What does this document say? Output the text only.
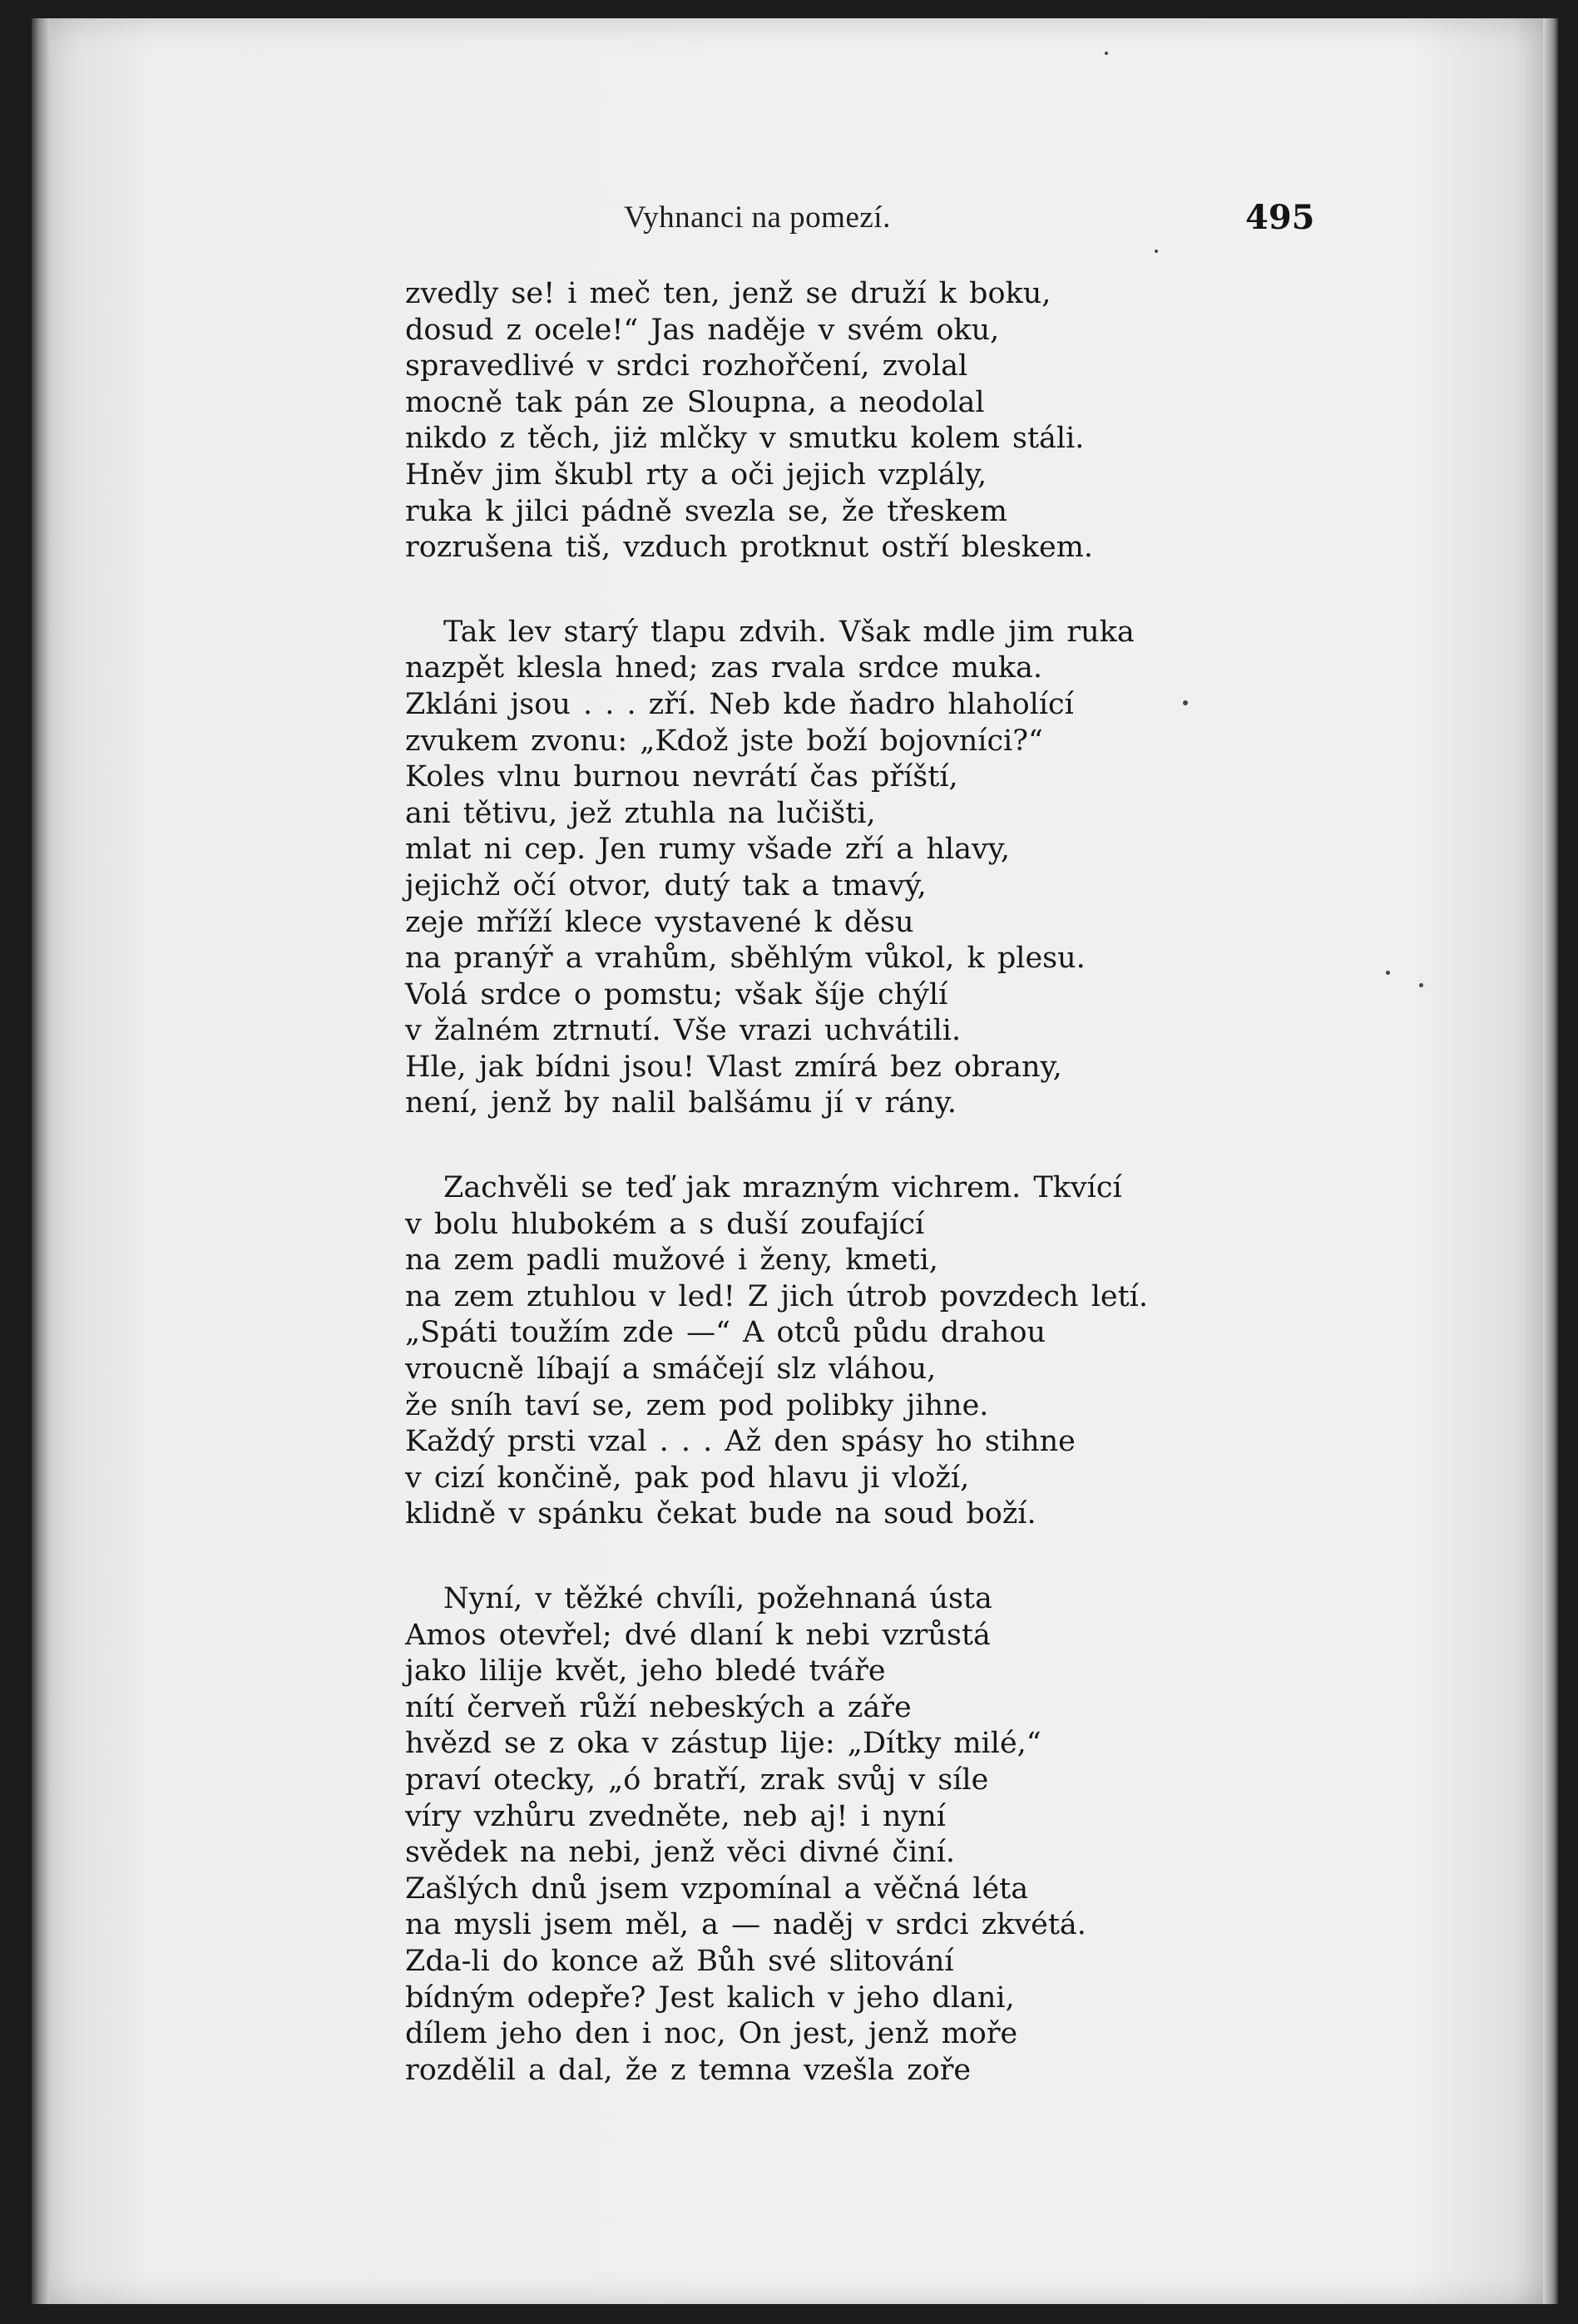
Vyhnanci na pomezí.	495
zvedly se! i meč ten, jenž se druží k boku,
dosud z ocele!“ Jas naděje v svém oku,
spravedlivé v srdci rozhořčení, zvolal
mocně tak pán ze Sloupna, a neodolal
nikdo z těch, jiż mlčky v smutku kolem stáli.
Hněv jim škubl rty a oči jejich vzplály,
ruka k jilci pádně svezla se, že třeskem
rozrušena tiš, vzduch protknut ostří bleskem.
Tak lev starý tlapu zdvih. Však mdle jim ruka
nazpět klesla hned; zas rvala srdce muka.
Zkláni jsou . . . zří. Neb kde ňadro hlaholící
zvukem zvonu: „Kdož jste boží bojovníci?“
Koles vlnu burnou nevrátí čas příští,
ani tětivu, jež ztuhla na lučišti,
mlat ni cep. Jen rumy všade zří a hlavy,
jejichž očí otvor, dutý tak a tmavý,
zeje mříží klece vystavené k děsu
na pranýř a vrahům, sběhlým vůkol, k plesu.
Volá srdce o pomstu; však šíje chýlí
v žalném ztrnutí. Vše vrazi uchvátili.
Hle, jak bídni jsou! Vlast zmírá bez obrany,
není, jenž by nalil balšámu jí v rány.
Zachvěli se teď jak mrazným vichrem. Tkvící
v bolu hlubokém a s duší zoufající
na zem padli mužové i ženy, kmeti,
na zem ztuhlou v led! Z jich útrob povzdech letí.
„Spáti toužím zde —“ A otců půdu drahou
vroucně líbají a smáčejí slz vláhou,
že sníh taví se, zem pod polibky jihne.
Každý prsti vzal . . . Až den spásy ho stihne
v cizí končině, pak pod hlavu ji vloží,
klidně v spánku čekat bude na soud boží.
Nyní, v těžké chvíli, požehnaná ústa
Amos otevřel; dvé dlaní k nebi vzrůstá
jako lilije květ, jeho bledé tváře
nítí červeň růží nebeských a záře
hvězd se z oka v zástup lije: „Dítky milé,“
praví otecky, „ó bratří, zrak svůj v síle
víry vzhůru zvedněte, neb aj! i nyní
svědek na nebi, jenž věci divné činí.
Zašlých dnů jsem vzpomínal a věčná léta
na mysli jsem měl, a — naděj v srdci zkvétá.
Zda-li do konce až Bůh své slitování
bídným odepře? Jest kalich v jeho dlani,
dílem jeho den i noc, On jest, jenž moře
rozdělil a dal, že z temna vzešla zoře
